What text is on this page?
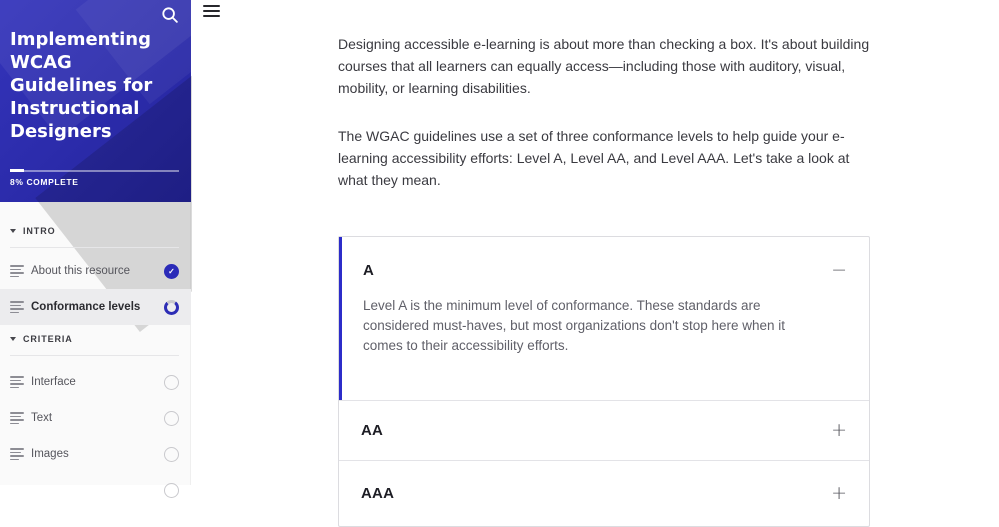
Implementing WCAG Guidelines for Instructional Designers
8% COMPLETE
INTRO
About this resource	✓
Conformance levels
CRITERIA
Interface
Text
Images

Designing accessible e-learning is about more than checking a box. It's about building courses that all learners can equally access—including those with auditory, visual, mobility, or learning disabilities.

The WGAC guidelines use a set of three conformance levels to help guide your e-learning accessibility efforts: Level A, Level AA, and Level AAA. Let's take a look at what they mean.

A	−
Level A is the minimum level of conformance. These standards are considered must-haves, but most organizations don't stop here when it comes to their accessibility efforts.
AA	+
AAA	+
